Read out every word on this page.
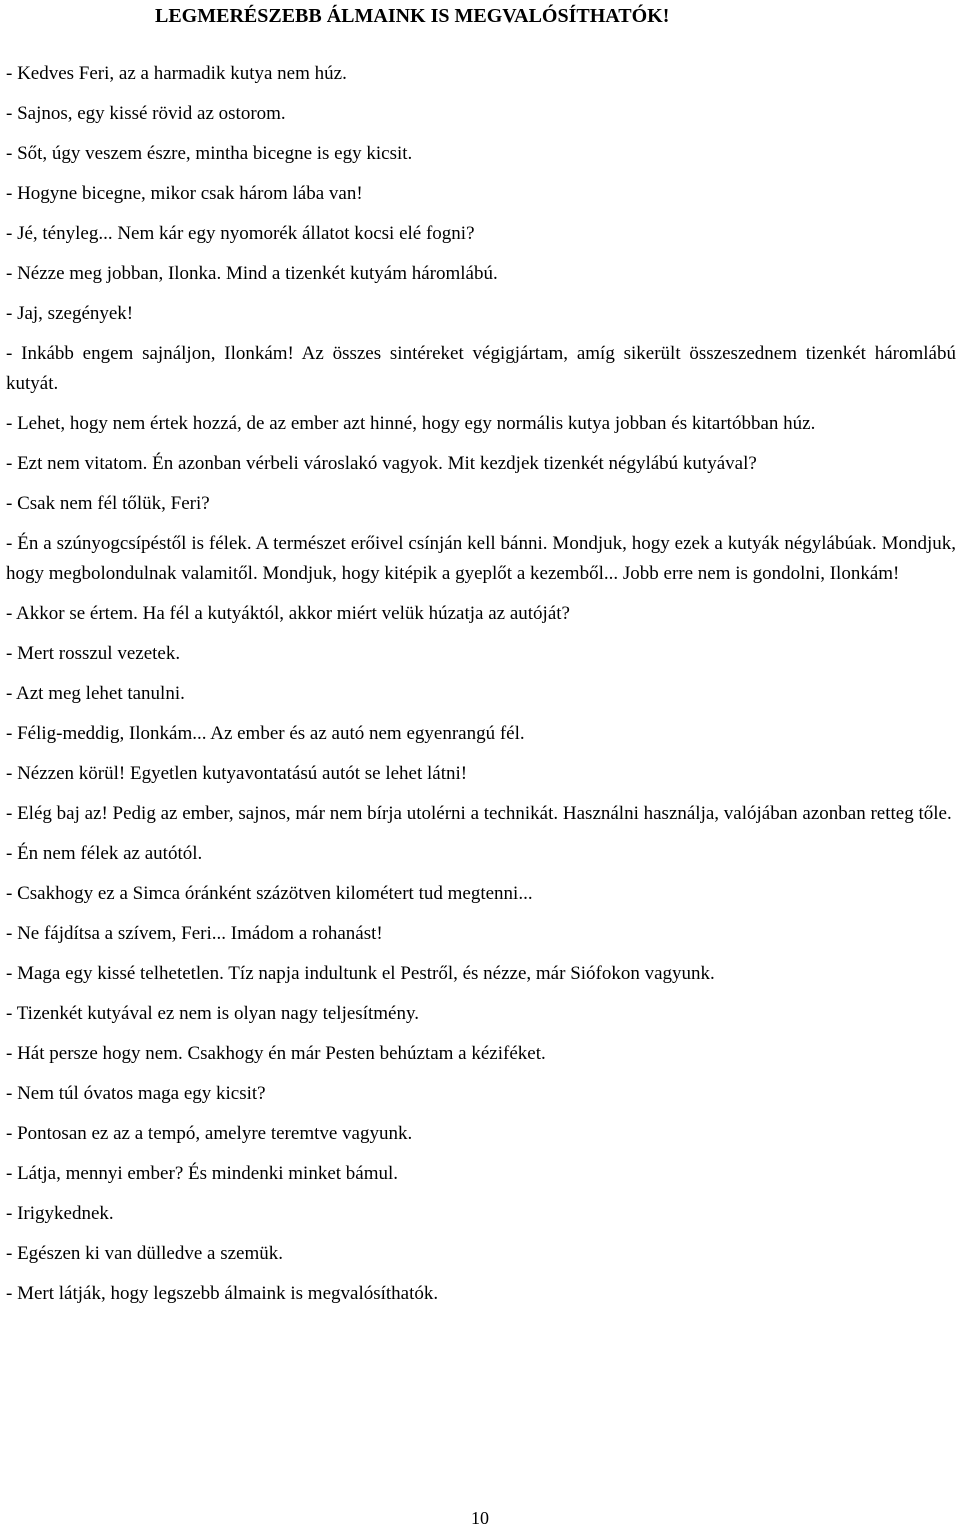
LEGMERÉSZEBB ÁLMAINK IS MEGVALÓSÍTHATÓK!
- Kedves Feri, az a harmadik kutya nem húz.
- Sajnos, egy kissé rövid az ostorom.
- Sőt, úgy veszem észre, mintha bicegne is egy kicsit.
- Hogyne bicegne, mikor csak három lába van!
- Jé, tényleg... Nem kár egy nyomorék állatot kocsi elé fogni?
- Nézze meg jobban, Ilonka. Mind a tizenkét kutyám háromlábú.
- Jaj, szegények!
- Inkább engem sajnáljon, Ilonkám! Az összes sintéreket végigjártam, amíg sikerült összeszednem tizenkét háromlábú kutyát.
- Lehet, hogy nem értek hozzá, de az ember azt hinné, hogy egy normális kutya jobban és kitartóbban húz.
- Ezt nem vitatom. Én azonban vérbeli városlakó vagyok. Mit kezdjek tizenkét négylábú kutyával?
- Csak nem fél tőlük, Feri?
- Én a szúnyogcsípéstől is félek. A természet erőivel csínján kell bánni. Mondjuk, hogy ezek a kutyák négylábúak. Mondjuk, hogy megbolondulnak valamitől. Mondjuk, hogy kitépik a gyeplőt a kezemből... Jobb erre nem is gondolni, Ilonkám!
- Akkor se értem. Ha fél a kutyáktól, akkor miért velük húzatja az autóját?
- Mert rosszul vezetek.
- Azt meg lehet tanulni.
- Félig-meddig, Ilonkám... Az ember és az autó nem egyenrangú fél.
- Nézzen körül! Egyetlen kutyavontatású autót se lehet látni!
- Elég baj az! Pedig az ember, sajnos, már nem bírja utolérni a technikát. Használni használja, valójában azonban retteg tőle.
- Én nem félek az autótól.
- Csakhogy ez a Simca óránként százötven kilométert tud megtenni...
- Ne fájdítsa a szívem, Feri... Imádom a rohanást!
- Maga egy kissé telhetetlen. Tíz napja indultunk el Pestről, és nézze, már Siófokon vagyunk.
- Tizenkét kutyával ez nem is olyan nagy teljesítmény.
- Hát persze hogy nem. Csakhogy én már Pesten behúztam a kéziféket.
- Nem túl óvatos maga egy kicsit?
- Pontosan ez az a tempó, amelyre teremtve vagyunk.
- Látja, mennyi ember? És mindenki minket bámul.
- Irigykednek.
- Egészen ki van dülledve a szemük.
- Mert látják, hogy legszebb álmaink is megvalósíthatók.
10
